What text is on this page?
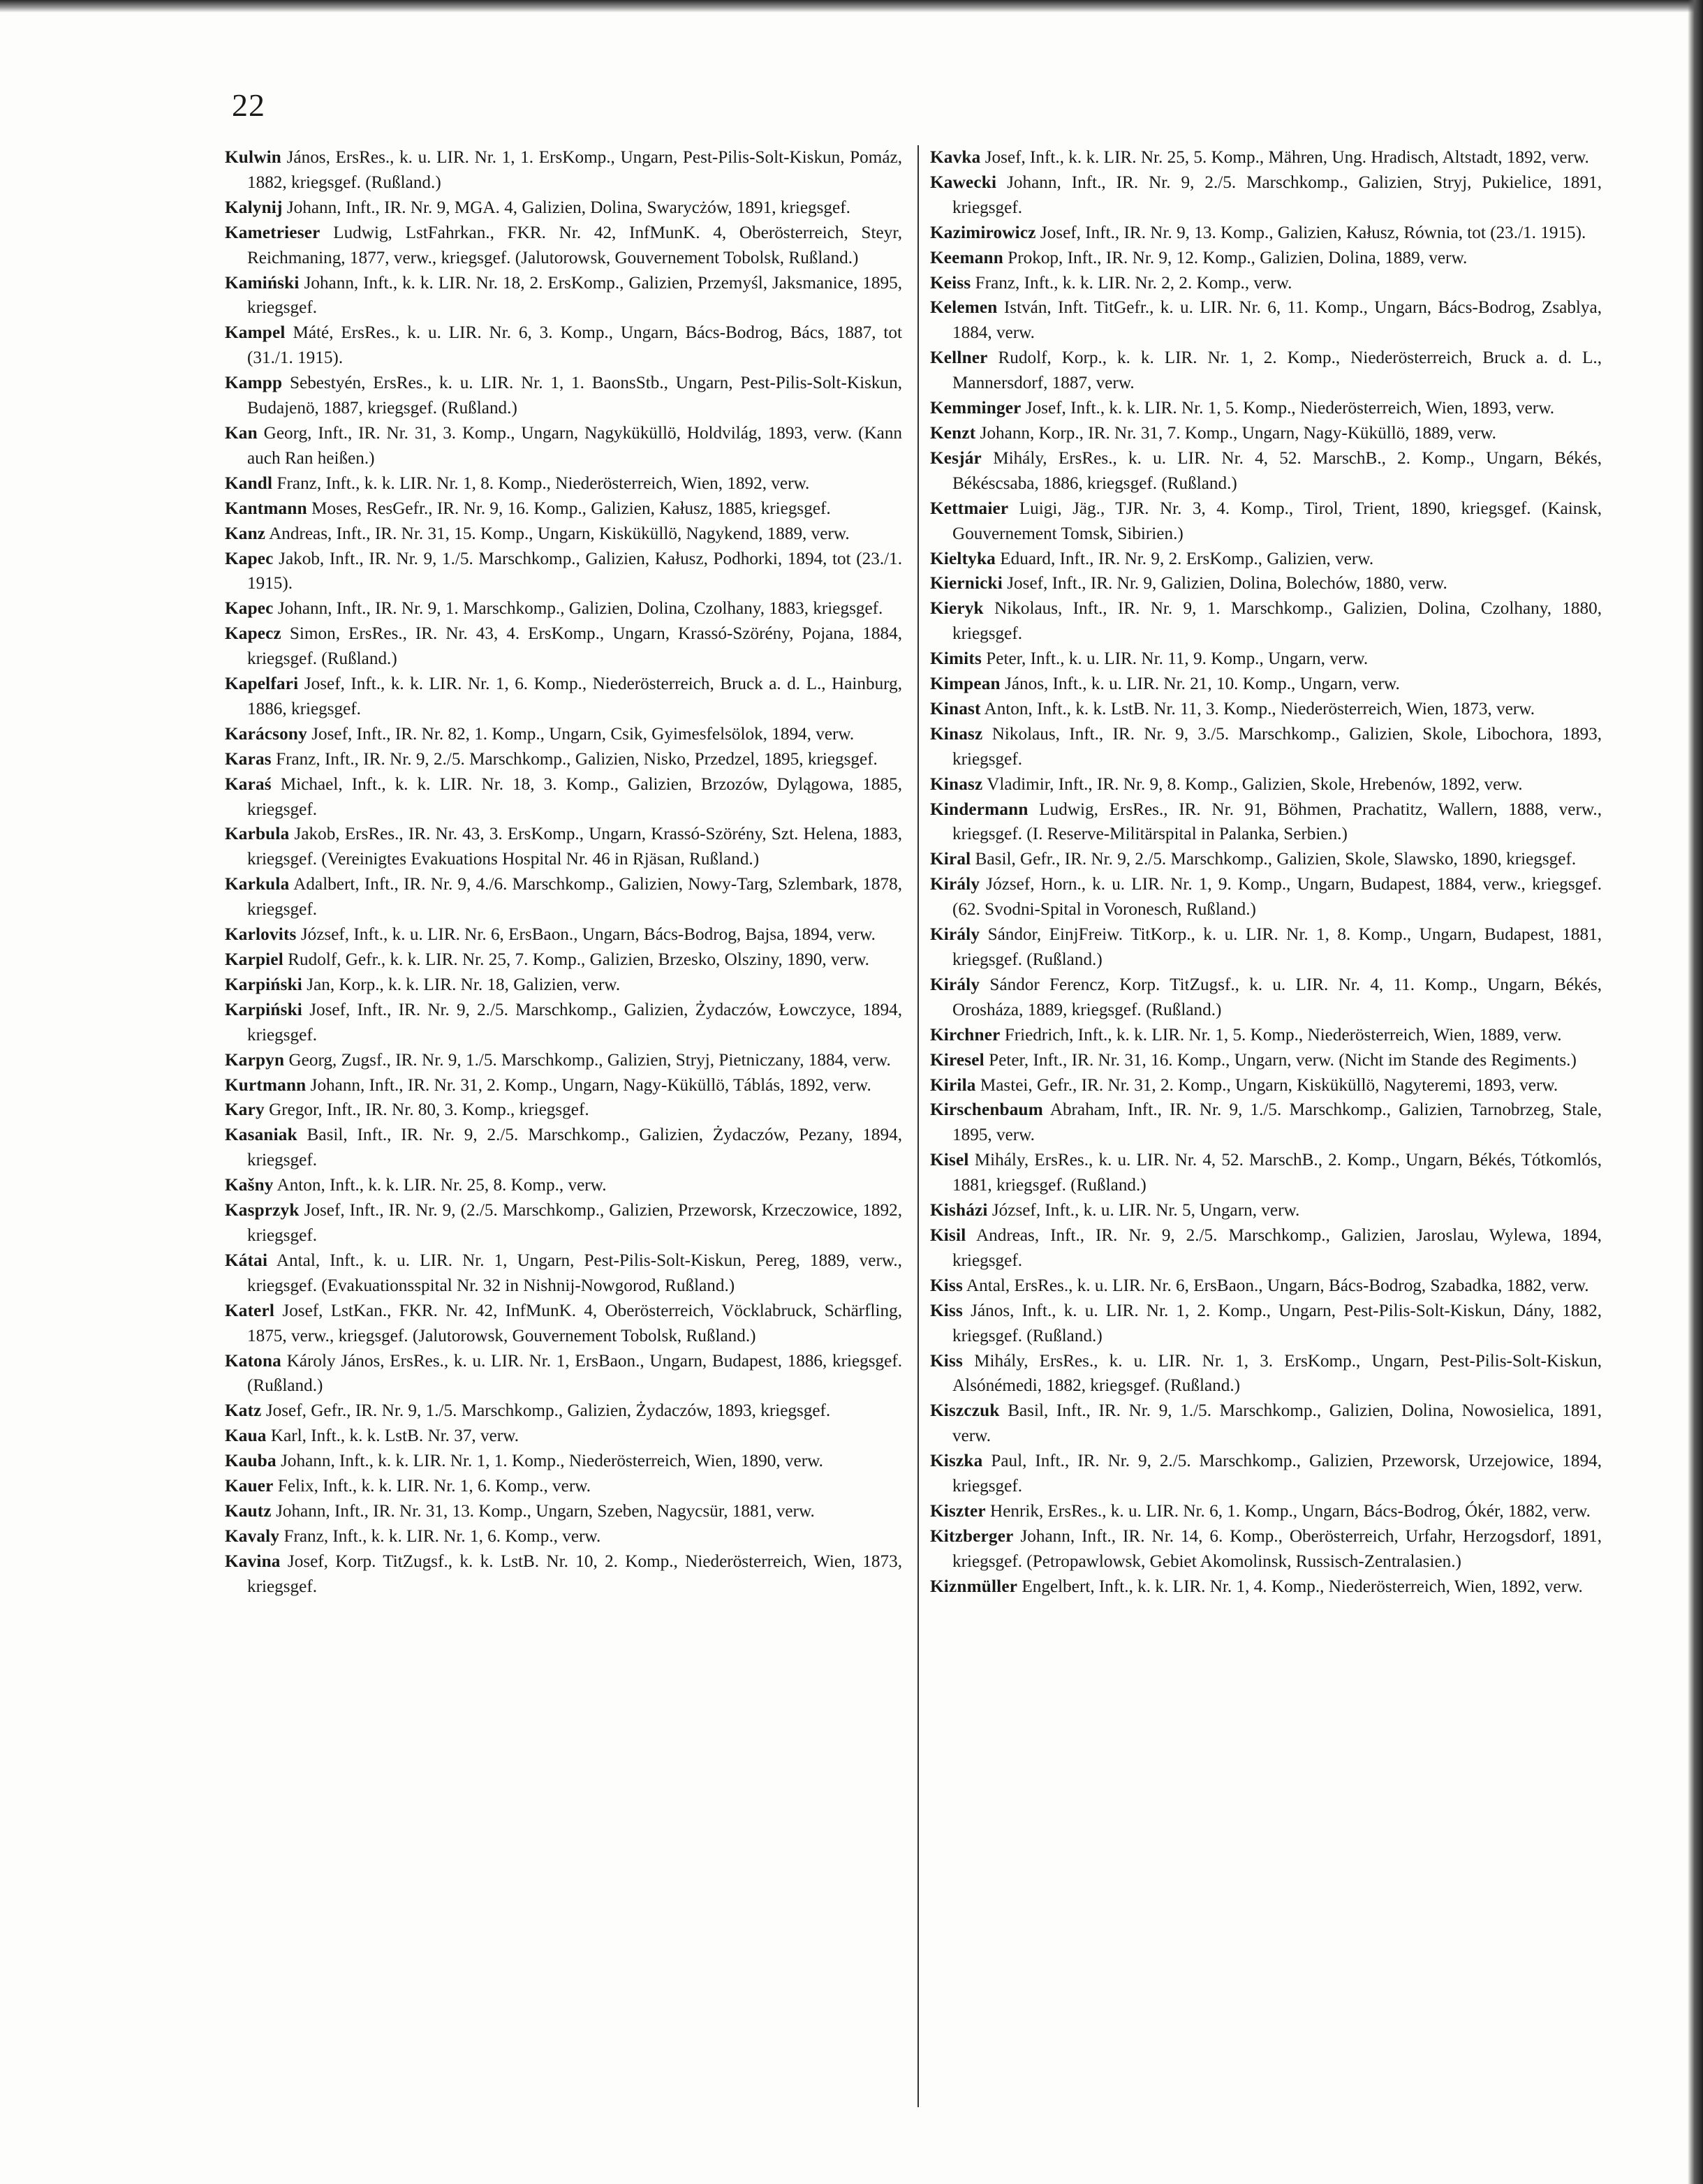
22
Kulwin János, ErsRes., k. u. LIR. Nr. 1, 1. ErsKomp., Ungarn, Pest-Pilis-Solt-Kiskun, Pomáz, 1882, kriegsgef. (Rußland.)
Kalynij Johann, Inft., IR. Nr. 9, MGA. 4, Galizien, Dolina, Swarycżów, 1891, kriegsgef.
Kametrieser Ludwig, LstFahrkan., FKR. Nr. 42, InfMunK. 4, Oberösterreich, Steyr, Reichmaning, 1877, verw., kriegsgef. (Jalutorowsk, Gouvernement Tobolsk, Rußland.)
Kamiński Johann, Inft., k. k. LIR. Nr. 18, 2. ErsKomp., Galizien, Przemyśl, Jaksmanice, 1895, kriegsgef.
Kampel Máté, ErsRes., k. u. LIR. Nr. 6, 3. Komp., Ungarn, Bács-Bodrog, Bács, 1887, tot (31./1. 1915).
Kampp Sebestyén, ErsRes., k. u. LIR. Nr. 1, 1. BaonsStb., Ungarn, Pest-Pilis-Solt-Kiskun, Budajenö, 1887, kriegsgef. (Rußland.)
Kan Georg, Inft., IR. Nr. 31, 3. Komp., Ungarn, Nagyküküllö, Holdvilág, 1893, verw. (Kann auch Ran heißen.)
Kandl Franz, Inft., k. k. LIR. Nr. 1, 8. Komp., Niederösterreich, Wien, 1892, verw.
Kantmann Moses, ResGefr., IR. Nr. 9, 16. Komp., Galizien, Kałusz, 1885, kriegsgef.
Kanz Andreas, Inft., IR. Nr. 31, 15. Komp., Ungarn, Kisküküllö, Nagykend, 1889, verw.
Kapec Jakob, Inft., IR. Nr. 9, 1./5. Marschkomp., Galizien, Kałusz, Podhorki, 1894, tot (23./1. 1915).
Kapec Johann, Inft., IR. Nr. 9, 1. Marschkomp., Galizien, Dolina, Czolhany, 1883, kriegsgef.
Kapecz Simon, ErsRes., IR. Nr. 43, 4. ErsKomp., Ungarn, Krassó-Szörény, Pojana, 1884, kriegsgef. (Rußland.)
Kapelfari Josef, Inft., k. k. LIR. Nr. 1, 6. Komp., Niederösterreich, Bruck a. d. L., Hainburg, 1886, kriegsgef.
Karácsony Josef, Inft., IR. Nr. 82, 1. Komp., Ungarn, Csik, Gyimesfelsölok, 1894, verw.
Karas Franz, Inft., IR. Nr. 9, 2./5. Marschkomp., Galizien, Nisko, Przedzel, 1895, kriegsgef.
Karaś Michael, Inft., k. k. LIR. Nr. 18, 3. Komp., Galizien, Brzozów, Dylągowa, 1885, kriegsgef.
Karbula Jakob, ErsRes., IR. Nr. 43, 3. ErsKomp., Ungarn, Krassó-Szörény, Szt. Helena, 1883, kriegsgef. (Vereinigtes Evakuations Hospital Nr. 46 in Rjäsan, Rußland.)
Karkula Adalbert, Inft., IR. Nr. 9, 4./6. Marschkomp., Galizien, Nowy-Targ, Szlembark, 1878, kriegsgef.
Karlovits József, Inft., k. u. LIR. Nr. 6, ErsBaon., Ungarn, Bács-Bodrog, Bajsa, 1894, verw.
Karpiel Rudolf, Gefr., k. k. LIR. Nr. 25, 7. Komp., Galizien, Brzesko, Olsziny, 1890, verw.
Karpiński Jan, Korp., k. k. LIR. Nr. 18, Galizien, verw.
Karpiński Josef, Inft., IR. Nr. 9, 2./5. Marschkomp., Galizien, Żydaczów, Łowczyce, 1894, kriegsgef.
Karpyn Georg, Zugsf., IR. Nr. 9, 1./5. Marschkomp., Galizien, Stryj, Pietniczany, 1884, verw.
Kurtmann Johann, Inft., IR. Nr. 31, 2. Komp., Ungarn, Nagy-Küküllö, Táblás, 1892, verw.
Kary Gregor, Inft., IR. Nr. 80, 3. Komp., kriegsgef.
Kasaniak Basil, Inft., IR. Nr. 9, 2./5. Marschkomp., Galizien, Żydaczów, Pezany, 1894, kriegsgef.
Kašny Anton, Inft., k. k. LIR. Nr. 25, 8. Komp., verw.
Kasprzyk Josef, Inft., IR. Nr. 9, (2./5. Marschkomp., Galizien, Przeworsk, Krzeczowice, 1892, kriegsgef.
Kátai Antal, Inft., k. u. LIR. Nr. 1, Ungarn, Pest-Pilis-Solt-Kiskun, Pereg, 1889, verw., kriegsgef. (Evakuationsspital Nr. 32 in Nishnij-Nowgorod, Rußland.)
Katerl Josef, LstKan., FKR. Nr. 42, InfMunK. 4, Oberösterreich, Vöcklabruck, Schärfling, 1875, verw., kriegsgef. (Jalutorowsk, Gouvernement Tobolsk, Rußland.)
Katona Károly János, ErsRes., k. u. LIR. Nr. 1, ErsBaon., Ungarn, Budapest, 1886, kriegsgef. (Rußland.)
Katz Josef, Gefr., IR. Nr. 9, 1./5. Marschkomp., Galizien, Żydaczów, 1893, kriegsgef.
Kaua Karl, Inft., k. k. LstB. Nr. 37, verw.
Kauba Johann, Inft., k. k. LIR. Nr. 1, 1. Komp., Niederösterreich, Wien, 1890, verw.
Kauer Felix, Inft., k. k. LIR. Nr. 1, 6. Komp., verw.
Kautz Johann, Inft., IR. Nr. 31, 13. Komp., Ungarn, Szeben, Nagycsür, 1881, verw.
Kavaly Franz, Inft., k. k. LIR. Nr. 1, 6. Komp., verw.
Kavina Josef, Korp. TitZugsf., k. k. LstB. Nr. 10, 2. Komp., Niederösterreich, Wien, 1873, kriegsgef.
Kavka Josef, Inft., k. k. LIR. Nr. 25, 5. Komp., Mähren, Ung. Hradisch, Altstadt, 1892, verw.
Kawecki Johann, Inft., IR. Nr. 9, 2./5. Marschkomp., Galizien, Stryj, Pukielice, 1891, kriegsgef.
Kazimirowicz Josef, Inft., IR. Nr. 9, 13. Komp., Galizien, Kałusz, Równia, tot (23./1. 1915).
Keemann Prokop, Inft., IR. Nr. 9, 12. Komp., Galizien, Dolina, 1889, verw.
Keiss Franz, Inft., k. k. LIR. Nr. 2, 2. Komp., verw.
Kelemen István, Inft. TitGefr., k. u. LIR. Nr. 6, 11. Komp., Ungarn, Bács-Bodrog, Zsablya, 1884, verw.
Kellner Rudolf, Korp., k. k. LIR. Nr. 1, 2. Komp., Niederösterreich, Bruck a. d. L., Mannersdorf, 1887, verw.
Kemminger Josef, Inft., k. k. LIR. Nr. 1, 5. Komp., Niederösterreich, Wien, 1893, verw.
Kenzt Johann, Korp., IR. Nr. 31, 7. Komp., Ungarn, Nagy-Küküllö, 1889, verw.
Kesjár Mihály, ErsRes., k. u. LIR. Nr. 4, 52. MarschB., 2. Komp., Ungarn, Békés, Békéscsaba, 1886, kriegsgef. (Rußland.)
Kettmaier Luigi, Jäg., TJR. Nr. 3, 4. Komp., Tirol, Trient, 1890, kriegsgef. (Kainsk, Gouvernement Tomsk, Sibirien.)
Kieltyka Eduard, Inft., IR. Nr. 9, 2. ErsKomp., Galizien, verw.
Kiernicki Josef, Inft., IR. Nr. 9, Galizien, Dolina, Bolechów, 1880, verw.
Kieryk Nikolaus, Inft., IR. Nr. 9, 1. Marschkomp., Galizien, Dolina, Czolhany, 1880, kriegsgef.
Kimits Peter, Inft., k. u. LIR. Nr. 11, 9. Komp., Ungarn, verw.
Kimpean János, Inft., k. u. LIR. Nr. 21, 10. Komp., Ungarn, verw.
Kinast Anton, Inft., k. k. LstB. Nr. 11, 3. Komp., Niederösterreich, Wien, 1873, verw.
Kinasz Nikolaus, Inft., IR. Nr. 9, 3./5. Marschkomp., Galizien, Skole, Libochora, 1893, kriegsgef.
Kinasz Vladimir, Inft., IR. Nr. 9, 8. Komp., Galizien, Skole, Hrebenów, 1892, verw.
Kindermann Ludwig, ErsRes., IR. Nr. 91, Böhmen, Prachatitz, Wallern, 1888, verw., kriegsgef. (I. Reserve-Militärspital in Palanka, Serbien.)
Kiral Basil, Gefr., IR. Nr. 9, 2./5. Marschkomp., Galizien, Skole, Slawsko, 1890, kriegsgef.
Király József, Horn., k. u. LIR. Nr. 1, 9. Komp., Ungarn, Budapest, 1884, verw., kriegsgef. (62. Svodni-Spital in Voronesch, Rußland.)
Király Sándor, EinjFreiw. TitKorp., k. u. LIR. Nr. 1, 8. Komp., Ungarn, Budapest, 1881, kriegsgef. (Rußland.)
Király Sándor Ferencz, Korp. TitZugsf., k. u. LIR. Nr. 4, 11. Komp., Ungarn, Békés, Orosháza, 1889, kriegsgef. (Rußland.)
Kirchner Friedrich, Inft., k. k. LIR. Nr. 1, 5. Komp., Niederösterreich, Wien, 1889, verw.
Kiresel Peter, Inft., IR. Nr. 31, 16. Komp., Ungarn, verw. (Nicht im Stande des Regiments.)
Kirila Mastei, Gefr., IR. Nr. 31, 2. Komp., Ungarn, Kisküküllö, Nagyteremi, 1893, verw.
Kirschenbaum Abraham, Inft., IR. Nr. 9, 1./5. Marschkomp., Galizien, Tarnobrzeg, Stale, 1895, verw.
Kisel Mihály, ErsRes., k. u. LIR. Nr. 4, 52. MarschB., 2. Komp., Ungarn, Békés, Tótkomlós, 1881, kriegsgef. (Rußland.)
Kisházi József, Inft., k. u. LIR. Nr. 5, Ungarn, verw.
Kisil Andreas, Inft., IR. Nr. 9, 2./5. Marschkomp., Galizien, Jaroslau, Wylewa, 1894, kriegsgef.
Kiss Antal, ErsRes., k. u. LIR. Nr. 6, ErsBaon., Ungarn, Bács-Bodrog, Szabadka, 1882, verw.
Kiss János, Inft., k. u. LIR. Nr. 1, 2. Komp., Ungarn, Pest-Pilis-Solt-Kiskun, Dány, 1882, kriegsgef. (Rußland.)
Kiss Mihály, ErsRes., k. u. LIR. Nr. 1, 3. ErsKomp., Ungarn, Pest-Pilis-Solt-Kiskun, Alsónémedi, 1882, kriegsgef. (Rußland.)
Kiszczuk Basil, Inft., IR. Nr. 9, 1./5. Marschkomp., Galizien, Dolina, Nowosielica, 1891, verw.
Kiszka Paul, Inft., IR. Nr. 9, 2./5. Marschkomp., Galizien, Przeworsk, Urzejowice, 1894, kriegsgef.
Kiszter Henrik, ErsRes., k. u. LIR. Nr. 6, 1. Komp., Ungarn, Bács-Bodrog, Ókér, 1882, verw.
Kitzberger Johann, Inft., IR. Nr. 14, 6. Komp., Oberösterreich, Urfahr, Herzogsdorf, 1891, kriegsgef. (Petropawlowsk, Gebiet Akomolinsk, Russisch-Zentralasien.)
Kiznmüller Engelbert, Inft., k. k. LIR. Nr. 1, 4. Komp., Niederösterreich, Wien, 1892, verw.
